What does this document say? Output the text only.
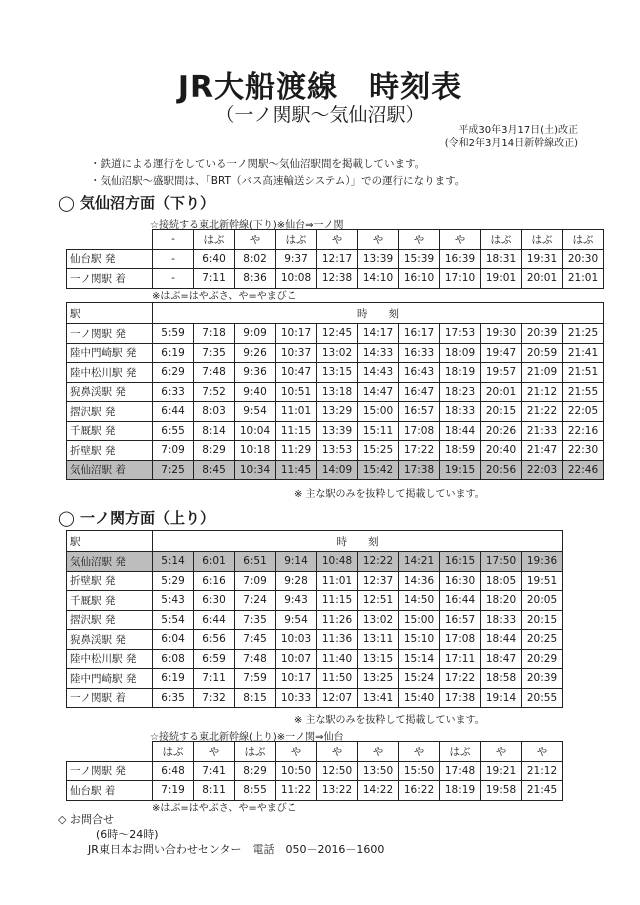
JR大船渡線　時刻表
（一ノ関駅～気仙沼駅）
平成30年3月17日(土)改正
(令和2年3月14日新幹線改正)
・鉄道による運行をしている一ノ関駅～気仙沼駅間を掲載しています。
・気仙沼駅～盛駅間は、「BRT（バス高速輸送システム）」での運行になります。
◯ 気仙沼方面（下り）
☆接続する東北新幹線(下り)※仙台⇒一ノ関
	-	はぶ	や	はぶ	や	や	や	や	はぶ	はぶ	はぶ
仙台駅 発	-	6:40	8:02	9:37	12:17	13:39	15:39	16:39	18:31	19:31	20:30
一ノ関駅 着	-	7:11	8:36	10:08	12:38	14:10	16:10	17:10	19:01	20:01	21:01
※はぶ=はやぶさ、や=やまびこ
駅	時　　刻										
一ノ関駅 発	5:59	7:18	9:09	10:17	12:45	14:17	16:17	17:53	19:30	20:39	21:25
陸中門崎駅 発	6:19	7:35	9:26	10:37	13:02	14:33	16:33	18:09	19:47	20:59	21:41
陸中松川駅 発	6:29	7:48	9:36	10:47	13:15	14:43	16:43	18:19	19:57	21:09	21:51
猊鼻渓駅 発	6:33	7:52	9:40	10:51	13:18	14:47	16:47	18:23	20:01	21:12	21:55
摺沢駅 発	6:44	8:03	9:54	11:01	13:29	15:00	16:57	18:33	20:15	21:22	22:05
千厩駅 発	6:55	8:14	10:04	11:15	13:39	15:11	17:08	18:44	20:26	21:33	22:16
折壁駅 発	7:09	8:29	10:18	11:29	13:53	15:25	17:22	18:59	20:40	21:47	22:30
気仙沼駅 着	7:25	8:45	10:34	11:45	14:09	15:42	17:38	19:15	20:56	22:03	22:46
※ 主な駅のみを抜粋して掲載しています。
◯ 一ノ関方面（上り）
駅	時　　刻									
気仙沼駅 発	5:14	6:01	6:51	9:14	10:48	12:22	14:21	16:15	17:50	19:36
折壁駅 発	5:29	6:16	7:09	9:28	11:01	12:37	14:36	16:30	18:05	19:51
千厩駅 発	5:43	6:30	7:24	9:43	11:15	12:51	14:50	16:44	18:20	20:05
摺沢駅 発	5:54	6:44	7:35	9:54	11:26	13:02	15:00	16:57	18:33	20:15
猊鼻渓駅 発	6:04	6:56	7:45	10:03	11:36	13:11	15:10	17:08	18:44	20:25
陸中松川駅 発	6:08	6:59	7:48	10:07	11:40	13:15	15:14	17:11	18:47	20:29
陸中門崎駅 発	6:19	7:11	7:59	10:17	11:50	13:25	15:24	17:22	18:58	20:39
一ノ関駅 着	6:35	7:32	8:15	10:33	12:07	13:41	15:40	17:38	19:14	20:55
※ 主な駅のみを抜粋して掲載しています。
☆接続する東北新幹線(上り)※一ノ関⇒仙台
	はぶ	や	はぶ	や	や	や	や	はぶ	や	や
一ノ関駅 発	6:48	7:41	8:29	10:50	12:50	13:50	15:50	17:48	19:21	21:12
仙台駅 着	7:19	8:11	8:55	11:22	13:22	14:22	16:22	18:19	19:58	21:45
※はぶ=はやぶさ、や=やまびこ
◇ お問合せ
(6時～24時)
JR東日本お問い合わせセンター　電話　050－2016－1600
